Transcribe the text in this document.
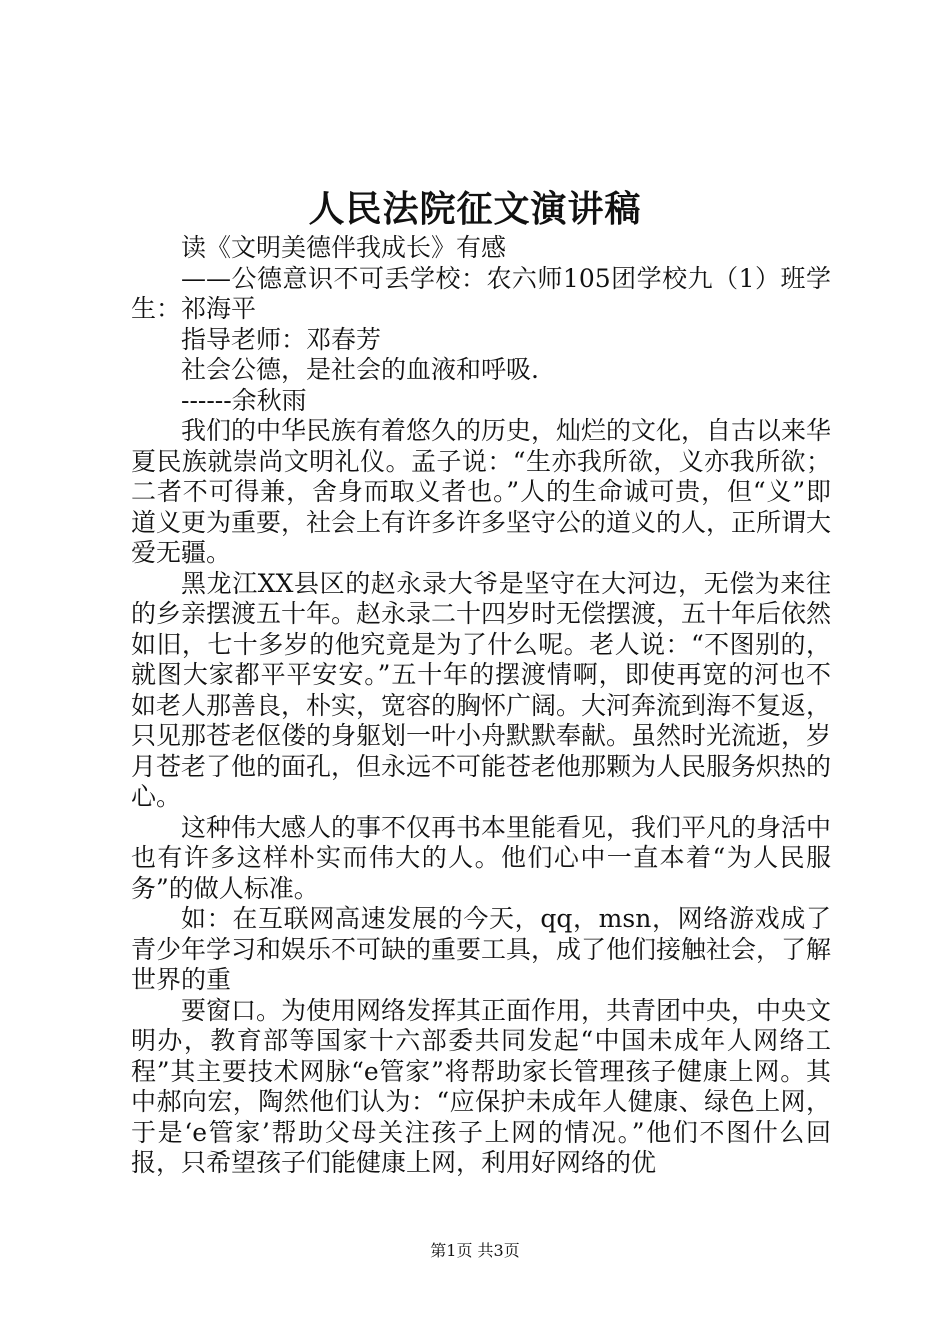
人民法院征文演讲稿

读《文明美德伴我成长》有感

——公德意识不可丢学校：农六师105团学校九（1）班学生：祁海平

指导老师：邓春芳

社会公德，是社会的血液和呼吸.

------余秋雨

我们的中华民族有着悠久的历史，灿烂的文化，自古以来华夏民族就崇尚文明礼仪。孟子说：“生亦我所欲，义亦我所欲；二者不可得兼，舍身而取义者也。”人的生命诚可贵，但“义”即道义更为重要，社会上有许多许多坚守公的道义的人，正所谓大爱无疆。

黑龙江XX县区的赵永录大爷是坚守在大河边，无偿为来往的乡亲摆渡五十年。赵永录二十四岁时无偿摆渡，五十年后依然如旧，七十多岁的他究竟是为了什么呢。老人说：“不图别的，就图大家都平平安安。”五十年的摆渡情啊，即使再宽的河也不如老人那善良，朴实，宽容的胸怀广阔。大河奔流到海不复返，只见那苍老伛偻的身躯划一叶小舟默默奉献。虽然时光流逝，岁月苍老了他的面孔，但永远不可能苍老他那颗为人民服务炽热的心。

这种伟大感人的事不仅再书本里能看见，我们平凡的身活中也有许多这样朴实而伟大的人。他们心中一直本着“为人民服务”的做人标准。

如：在互联网高速发展的今天，qq，msn，网络游戏成了青少年学习和娱乐不可缺的重要工具，成了他们接触社会，了解世界的重

要窗口。为使用网络发挥其正面作用，共青团中央，中央文明办，教育部等国家十六部委共同发起“中国未成年人网络工程”其主要技术网脉“e管家”将帮助家长管理孩子健康上网。其中郝向宏，陶然他们认为：“应保护未成年人健康、绿色上网，于是‘e管家’帮助父母关注孩子上网的情况。”他们不图什么回报，只希望孩子们能健康上网，利用好网络的优

第1页 共3页
